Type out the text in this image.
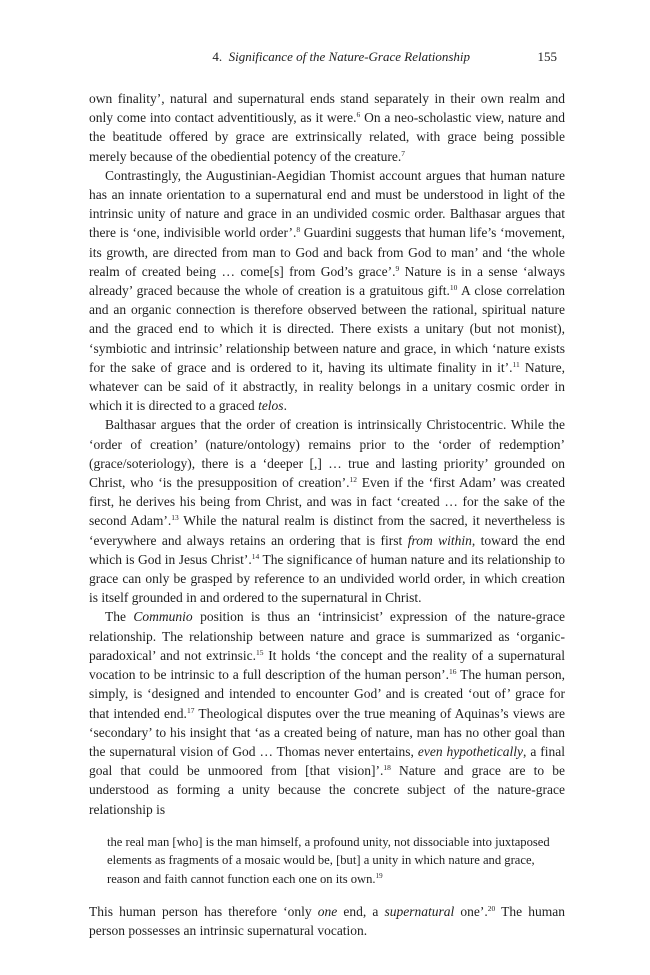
4. Significance of the Nature-Grace Relationship	155

own finality’, natural and supernatural ends stand separately in their own realm and only come into contact adventitiously, as it were.$^6$ On a neo-scholastic view, nature and the beatitude offered by grace are extrinsically related, with grace being possible merely because of the obediential potency of the creature.$^7$

Contrastingly, the Augustinian-Aegidian Thomist account argues that human nature has an innate orientation to a supernatural end and must be understood in light of the intrinsic unity of nature and grace in an undivided cosmic order. Balthasar argues that there is ‘one, indivisible world order’.$^8$ Guardini suggests that human life’s ‘movement, its growth, are directed from man to God and back from God to man’ and ‘the whole realm of created being … come[s] from God’s grace’.$^9$ Nature is in a sense ‘always already’ graced because the whole of creation is a gratuitous gift.$^{10}$ A close correlation and an organic connection is therefore observed between the rational, spiritual nature and the graced end to which it is directed. There exists a unitary (but not monist), ‘symbiotic and intrinsic’ relationship between nature and grace, in which ‘nature exists for the sake of grace and is ordered to it, having its ultimate finality in it’.$^{11}$ Nature, whatever can be said of it abstractly, in reality belongs in a unitary cosmic order in which it is directed to a graced telos.

Balthasar argues that the order of creation is intrinsically Christocentric. While the ‘order of creation’ (nature/ontology) remains prior to the ‘order of redemption’ (grace/soteriology), there is a ‘deeper [,] … true and lasting priority’ grounded on Christ, who ‘is the presupposition of creation’.$^{12}$ Even if the ‘first Adam’ was created first, he derives his being from Christ, and was in fact ‘created … for the sake of the second Adam’.$^{13}$ While the natural realm is distinct from the sacred, it nevertheless is ‘everywhere and always retains an ordering that is first from within, toward the end which is God in Jesus Christ’.$^{14}$ The significance of human nature and its relationship to grace can only be grasped by reference to an undivided world order, in which creation is itself grounded in and ordered to the supernatural in Christ.

The Communio position is thus an ‘intrinsicist’ expression of the nature-grace relationship. The relationship between nature and grace is summarized as ‘organic-paradoxical’ and not extrinsic.$^{15}$ It holds ‘the concept and the reality of a supernatural vocation to be intrinsic to a full description of the human person’.$^{16}$ The human person, simply, is ‘designed and intended to encounter God’ and is created ‘out of’ grace for that intended end.$^{17}$ Theological disputes over the true meaning of Aquinas’s views are ‘secondary’ to his insight that ‘as a created being of nature, man has no other goal than the supernatural vision of God … Thomas never entertains, even hypothetically, a final goal that could be unmoored from [that vision]’.$^{18}$ Nature and grace are to be understood as forming a unity because the concrete subject of the nature-grace relationship is

the real man [who] is the man himself, a profound unity, not dissociable into juxtaposed elements as fragments of a mosaic would be, [but] a unity in which nature and grace, reason and faith cannot function each one on its own.$^{19}$

This human person has therefore ‘only one end, a supernatural one’.$^{20}$ The human person possesses an intrinsic supernatural vocation.
